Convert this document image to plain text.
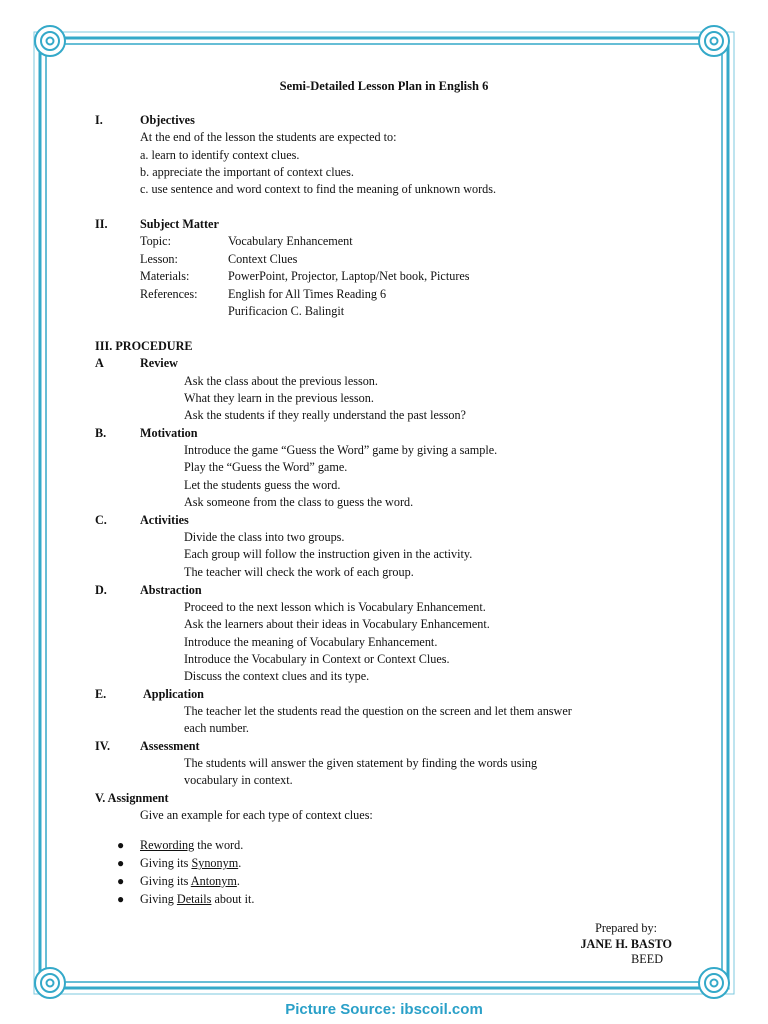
Semi-Detailed Lesson Plan in English 6
I.	Objectives
At the end of the lesson the students are expected to:
a. learn to identify context clues.
b. appreciate the important of context clues.
c. use sentence and word context to find the meaning of unknown words.
II.	Subject Matter
Topic:	Vocabulary Enhancement
Lesson:	Context Clues
Materials:	PowerPoint, Projector, Laptop/Net book, Pictures
References: English for All Times Reading 6
Purificacion C. Balingit
III. PROCEDURE
A	Review
Ask the class about the previous lesson.
What they learn in the previous lesson.
Ask the students if they really understand the past lesson?
B.	Motivation
Introduce the game “Guess the Word” game by giving a sample.
Play the “Guess the Word” game.
Let the students guess the word.
Ask someone from the class to guess the word.
C.	Activities
Divide the class into two groups.
Each group will follow the instruction given in the activity.
The teacher will check the work of each group.
D.	Abstraction
Proceed to the next lesson which is Vocabulary Enhancement.
Ask the learners about their ideas in Vocabulary Enhancement.
Introduce the meaning of Vocabulary Enhancement.
Introduce the Vocabulary in Context or Context Clues.
Discuss the context clues and its type.
E.	Application
The teacher let the students read the question on the screen and let them answer
each number.
IV. Assessment
The students will answer the given statement by finding the words using
vocabulary in context.
V. Assignment
Give an example for each type of context clues:
● Rewording the word.
● Giving its Synonym.
● Giving its Antonym.
● Giving Details about it.
Prepared by:
JANE H. BASTO
BEED
Picture Source: ibscoil.com
